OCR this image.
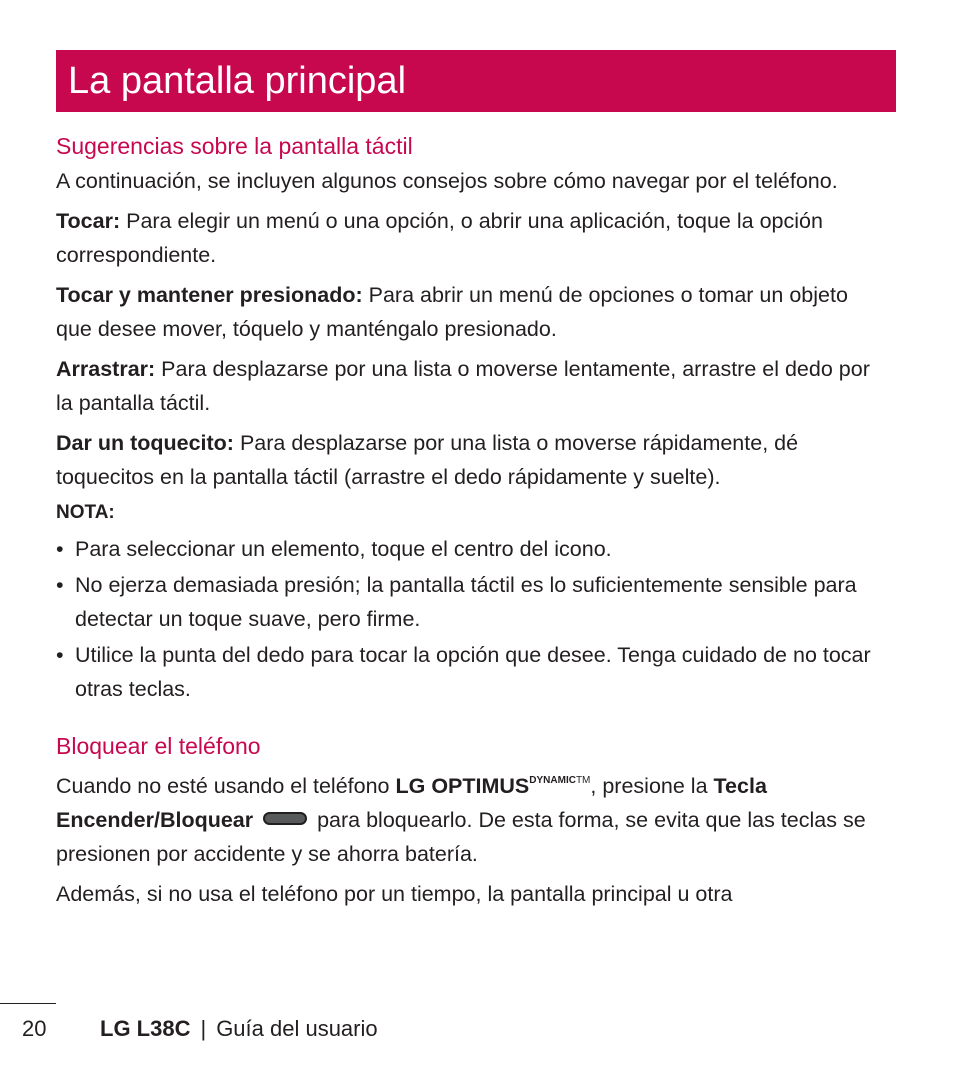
La pantalla principal
Sugerencias sobre la pantalla táctil

A continuación, se incluyen algunos consejos sobre cómo navegar por el teléfono.

Tocar: Para elegir un menú o una opción, o abrir una aplicación, toque la opción correspondiente.

Tocar y mantener presionado: Para abrir un menú de opciones o tomar un objeto que desee mover, tóquelo y manténgalo presionado.

Arrastrar: Para desplazarse por una lista o moverse lentamente, arrastre el dedo por la pantalla táctil.

Dar un toquecito: Para desplazarse por una lista o moverse rápidamente, dé toquecitos en la pantalla táctil (arrastre el dedo rápidamente y suelte).

NOTA:
• Para seleccionar un elemento, toque el centro del icono.
• No ejerza demasiada presión; la pantalla táctil es lo suficientemente sensible para detectar un toque suave, pero firme.
• Utilice la punta del dedo para tocar la opción que desee. Tenga cuidado de no tocar otras teclas.
Bloquear el teléfono

Cuando no esté usando el teléfono LG $OPTIMUS^{DYNAMICTM}$, presione la Tecla Encender/Bloquear	para bloquearlo. De esta forma, se evita que las teclas se presionen por accidente y se ahorra batería.

Además, si no usa el teléfono por un tiempo, la pantalla principal u otra

20 LG L38C | Guía del usuario
